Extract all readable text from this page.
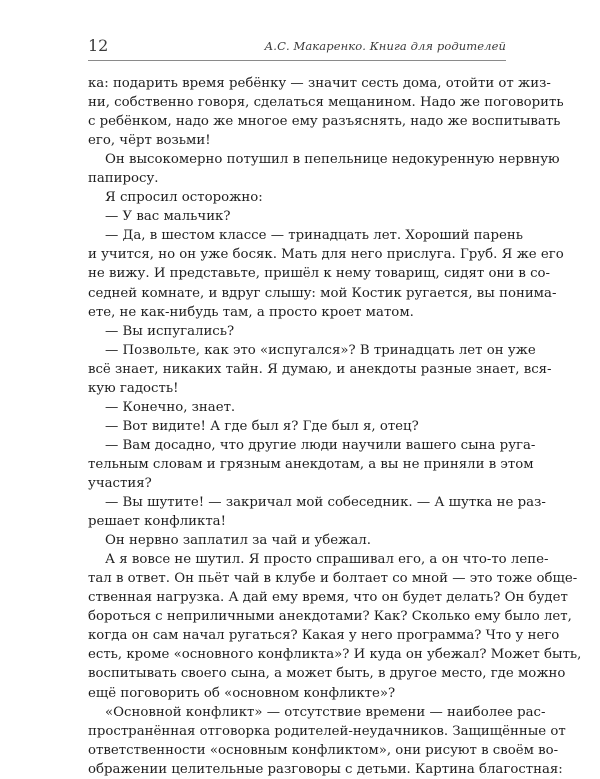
12	А.С. Макаренко. Книга для родителей
ка: подарить время ребёнку — значит сесть дома, отойти от жиз-
ни, собственно говоря, сделаться мещанином. Надо же поговорить
с ребёнком, надо же многое ему разъяснять, надо же воспитывать
его, чёрт возьми!
Он высокомерно потушил в пепельнице недокуренную нервную
папиросу.
Я спросил осторожно:
— У вас мальчик?
— Да, в шестом классе — тринадцать лет. Хороший парень
и учится, но он уже босяк. Мать для него прислуга. Груб. Я же его
не вижу. И представьте, пришёл к нему товарищ, сидят они в со-
седней комнате, и вдруг слышу: мой Костик ругается, вы понима-
ете, не как-нибудь там, а просто кроет матом.
— Вы испугались?
— Позвольте, как это «испугался»? В тринадцать лет он уже
всё знает, никаких тайн. Я думаю, и анекдоты разные знает, вся-
кую гадость!
— Конечно, знает.
— Вот видите! А где был я? Где был я, отец?
— Вам досадно, что другие люди научили вашего сына руга-
тельным словам и грязным анекдотам, а вы не приняли в этом
участия?
— Вы шутите! — закричал мой собеседник. — А шутка не раз-
решает конфликта!
Он нервно заплатил за чай и убежал.
А я вовсе не шутил. Я просто спрашивал его, а он что-то лепе-
тал в ответ. Он пьёт чай в клубе и болтает со мной — это тоже обще-
ственная нагрузка. А дай ему время, что он будет делать? Он будет
бороться с неприличными анекдотами? Как? Сколько ему было лет,
когда он сам начал ругаться? Какая у него программа? Что у него
есть, кроме «основного конфликта»? И куда он убежал? Может быть,
воспитывать своего сына, а может быть, в другое место, где можно
ещё поговорить об «основном конфликте»?
«Основной конфликт» — отсутствие времени — наиболее рас-
пространённая отговорка родителей-неудачников. Защищённые от
ответственности «основным конфликтом», они рисуют в своём во-
ображении целительные разговоры с детьми. Картина благостная:
